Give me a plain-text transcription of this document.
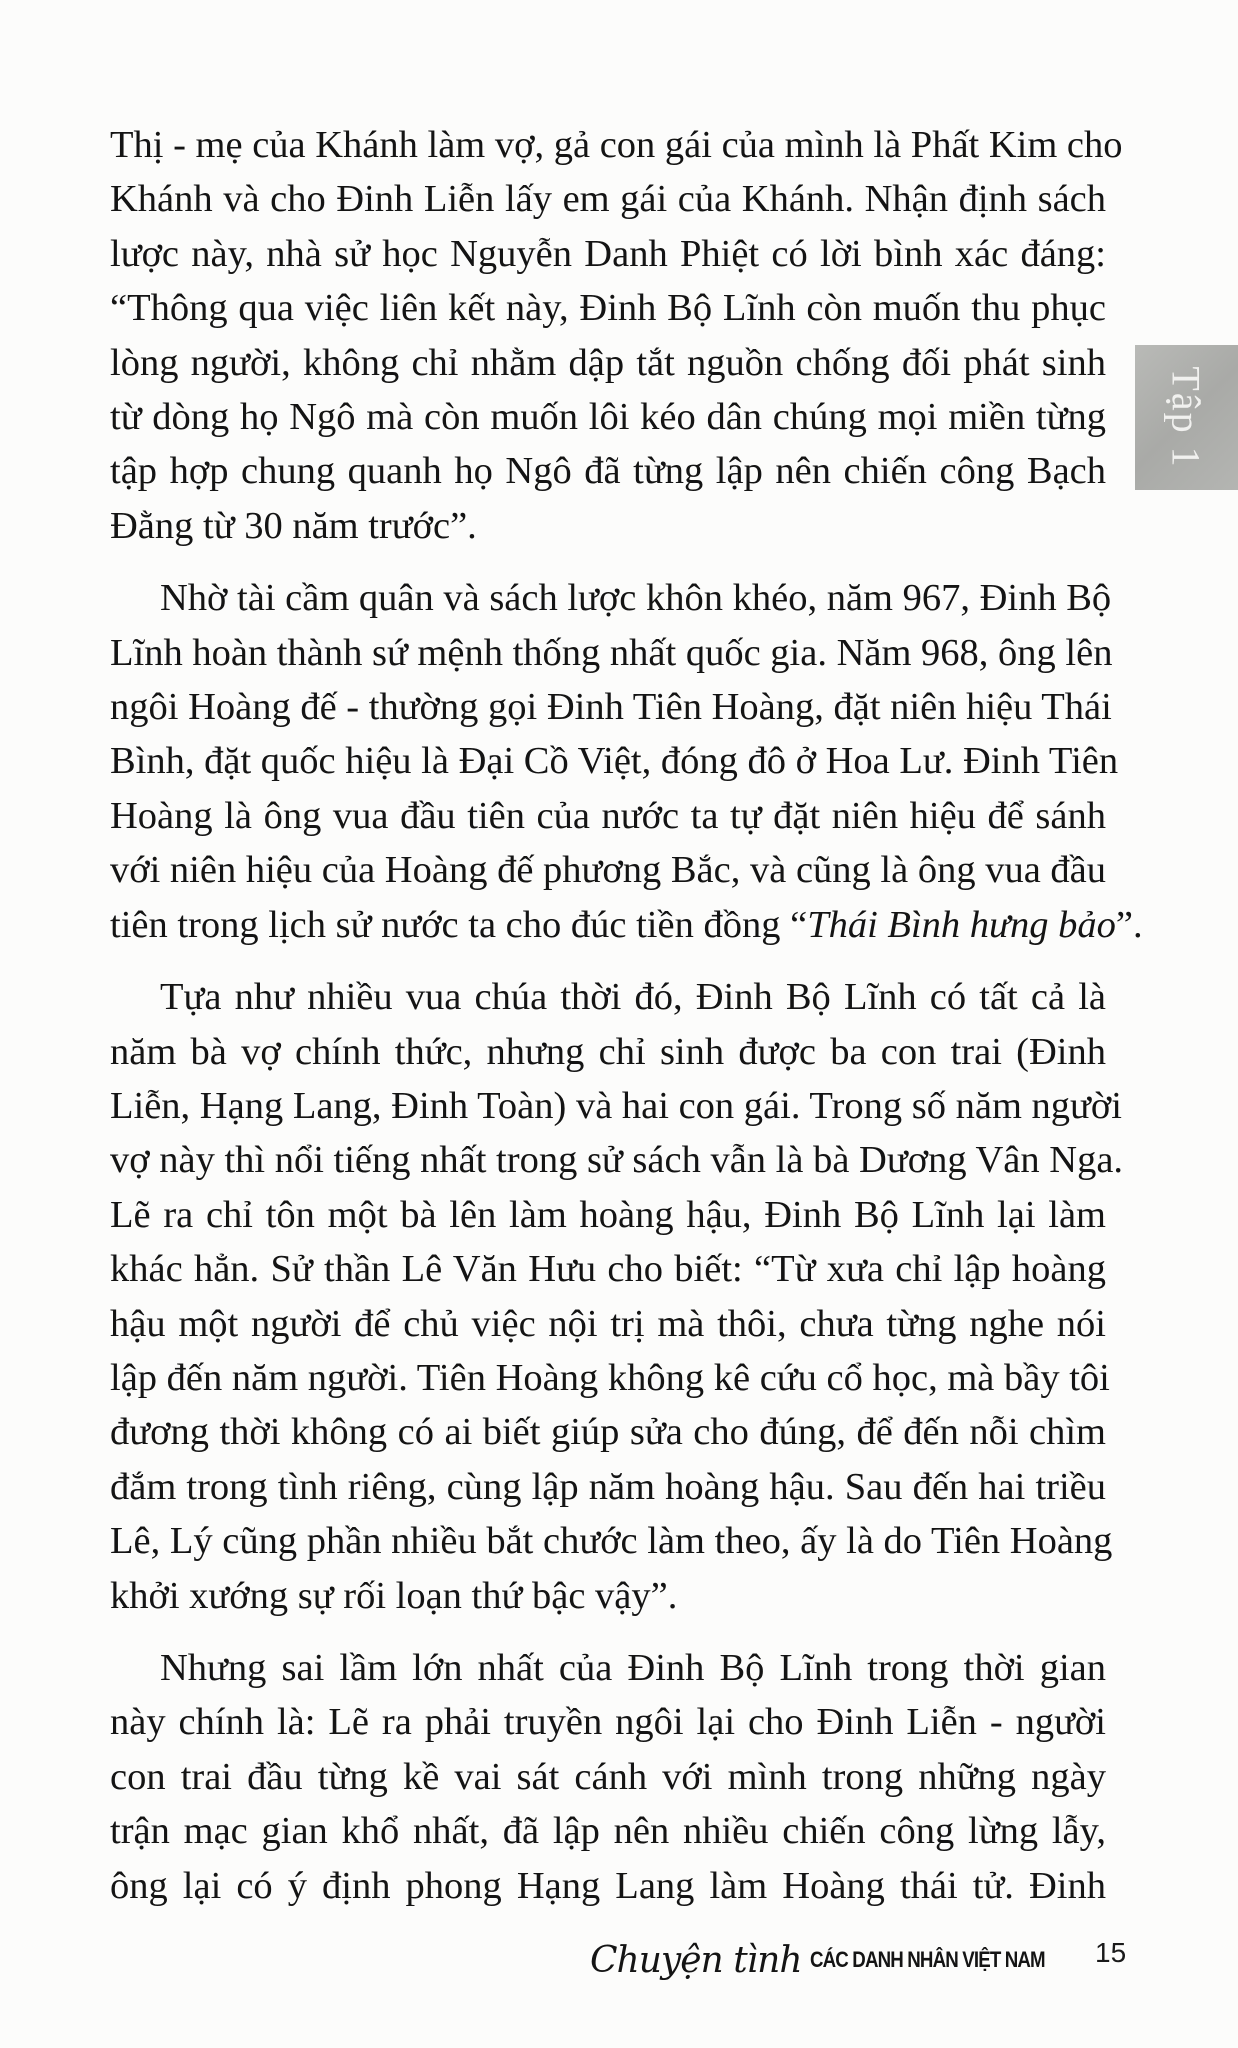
Thị - mẹ của Khánh làm vợ, gả con gái của mình là Phất Kim cho
Khánh và cho Đinh Liễn lấy em gái của Khánh. Nhận định sách
lược này, nhà sử học Nguyễn Danh Phiệt có lời bình xác đáng:
“Thông qua việc liên kết này, Đinh Bộ Lĩnh còn muốn thu phục
lòng người, không chỉ nhằm dập tắt nguồn chống đối phát sinh
từ dòng họ Ngô mà còn muốn lôi kéo dân chúng mọi miền từng
tập hợp chung quanh họ Ngô đã từng lập nên chiến công Bạch
Đằng từ 30 năm trước”.

Nhờ tài cầm quân và sách lược khôn khéo, năm 967, Đinh Bộ
Lĩnh hoàn thành sứ mệnh thống nhất quốc gia. Năm 968, ông lên
ngôi Hoàng đế - thường gọi Đinh Tiên Hoàng, đặt niên hiệu Thái
Bình, đặt quốc hiệu là Đại Cồ Việt, đóng đô ở Hoa Lư. Đinh Tiên
Hoàng là ông vua đầu tiên của nước ta tự đặt niên hiệu để sánh
với niên hiệu của Hoàng đế phương Bắc, và cũng là ông vua đầu
tiên trong lịch sử nước ta cho đúc tiền đồng “Thái Bình hưng bảo”.

Tựa như nhiều vua chúa thời đó, Đinh Bộ Lĩnh có tất cả là
năm bà vợ chính thức, nhưng chỉ sinh được ba con trai (Đinh
Liễn, Hạng Lang, Đinh Toàn) và hai con gái. Trong số năm người
vợ này thì nổi tiếng nhất trong sử sách vẫn là bà Dương Vân Nga.
Lẽ ra chỉ tôn một bà lên làm hoàng hậu, Đinh Bộ Lĩnh lại làm
khác hẳn. Sử thần Lê Văn Hưu cho biết: “Từ xưa chỉ lập hoàng
hậu một người để chủ việc nội trị mà thôi, chưa từng nghe nói
lập đến năm người. Tiên Hoàng không kê cứu cổ học, mà bầy tôi
đương thời không có ai biết giúp sửa cho đúng, để đến nỗi chìm
đắm trong tình riêng, cùng lập năm hoàng hậu. Sau đến hai triều
Lê, Lý cũng phần nhiều bắt chước làm theo, ấy là do Tiên Hoàng
khởi xướng sự rối loạn thứ bậc vậy”.

Nhưng sai lầm lớn nhất của Đinh Bộ Lĩnh trong thời gian
này chính là: Lẽ ra phải truyền ngôi lại cho Đinh Liễn - người
con trai đầu từng kề vai sát cánh với mình trong những ngày
trận mạc gian khổ nhất, đã lập nên nhiều chiến công lừng lẫy,
ông lại có ý định phong Hạng Lang làm Hoàng thái tử. Đinh

Tập 1
Chuyện tình CÁC DANH NHÂN VIỆT NAM 15
